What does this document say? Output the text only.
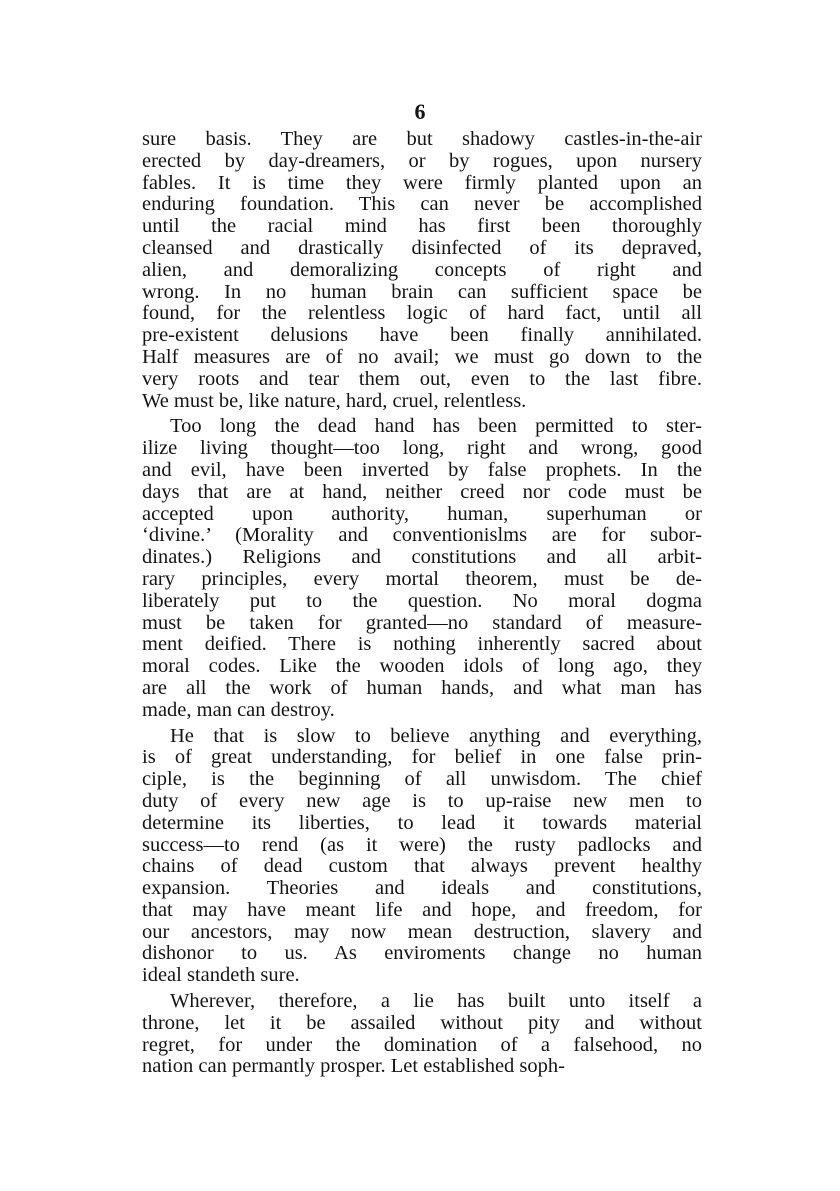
6
sure basis. They are but shadowy castles-in-the-air
erected by day-dreamers, or by rogues, upon nursery
fables. It is time they were firmly planted upon an
enduring foundation. This can never be accomplished
until the racial mind has first been thoroughly
cleansed and drastically disinfected of its depraved,
alien, and demoralizing concepts of right and
wrong. In no human brain can sufficient space be
found, for the relentless logic of hard fact, until all
pre-existent delusions have been finally annihilated.
Half measures are of no avail; we must go down to the
very roots and tear them out, even to the last fibre.
We must be, like nature, hard, cruel, relentless.
Too long the dead hand has been permitted to ster-
ilize living thought—too long, right and wrong, good
and evil, have been inverted by false prophets. In the
days that are at hand, neither creed nor code must be
accepted upon authority, human, superhuman or
‘divine.’ (Morality and conventionislms are for subor-
dinates.) Religions and constitutions and all arbit-
rary principles, every mortal theorem, must be de-
liberately put to the question. No moral dogma
must be taken for granted—no standard of measure-
ment deified. There is nothing inherently sacred about
moral codes. Like the wooden idols of long ago, they
are all the work of human hands, and what man has
made, man can destroy.
He that is slow to believe anything and everything,
is of great understanding, for belief in one false prin-
ciple, is the beginning of all unwisdom. The chief
duty of every new age is to up-raise new men to
determine its liberties, to lead it towards material
success—to rend (as it were) the rusty padlocks and
chains of dead custom that always prevent healthy
expansion. Theories and ideals and constitutions,
that may have meant life and hope, and freedom, for
our ancestors, may now mean destruction, slavery and
dishonor to us. As enviroments change no human
ideal standeth sure.
Wherever, therefore, a lie has built unto itself a
throne, let it be assailed without pity and without
regret, for under the domination of a falsehood, no
nation can permantly prosper. Let established soph-
